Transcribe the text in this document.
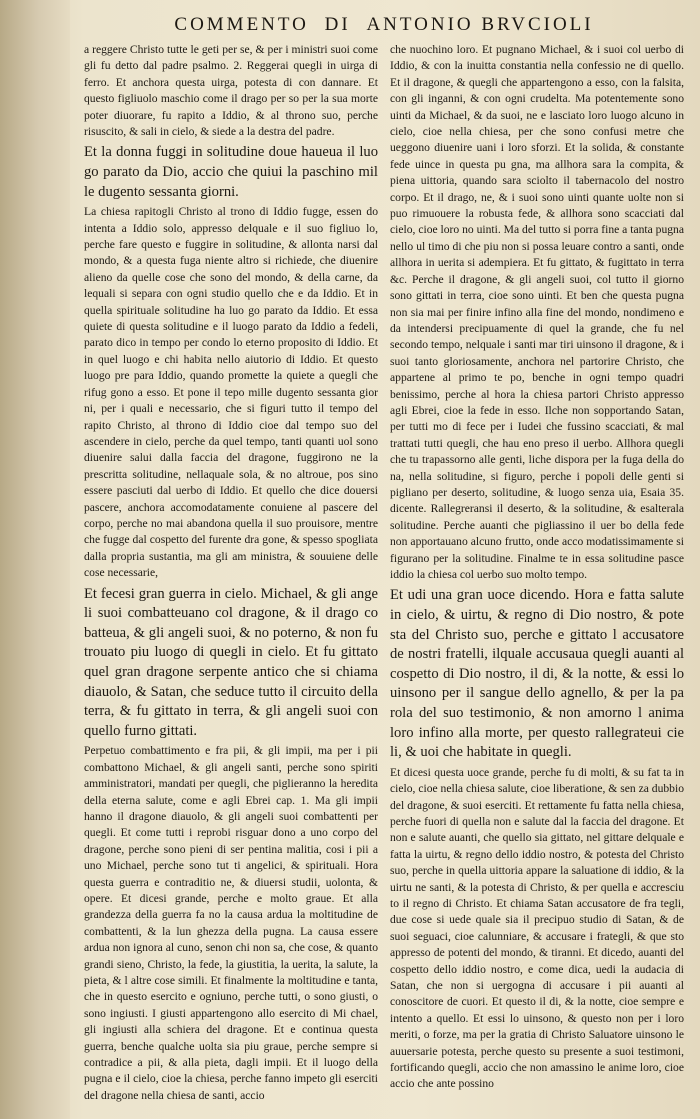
COMMENTO DI ANTONIO BRVCIOLI

a reggere Christo tutte le geti per se, & per i ministri suoi come gli fu detto dal padre psalmo. 2. Reggerai quegli in uirga di ferro. Et anchora questa uirga, potesta di con dannare. Et questo figliuolo maschio come il drago per so per la sua morte poter diuorare, fu rapito a Iddio, & al throno suo, perche risuscito, & sali in cielo, & siede a la destra del padre.

Et la donna fuggi in solitudine doue haueua il luo go parato da Dio, accio che quiui la paschino mil le dugento sessanta giorni.

La chiesa rapitogli Christo al trono di Iddio fugge, essen do intenta a Iddio solo, appresso delquale e il suo figliuo lo, perche fare questo e fuggire in solitudine, & allonta narsi dal mondo, & a questa fuga niente altro si richiede, che diuenire alieno da quelle cose che sono del mondo, & della carne, da lequali si separa con ogni studio quello che e da Iddio. Et in quella spirituale solitudine ha luo go parato da Iddio. Et essa quiete di questa solitudine e il luogo parato da Iddio a fedeli, parato dico in tempo per condo lo eterno proposito di Iddio. Et in quel luogo e chi habita nello aiutorio di Iddio. Et questo luogo pre para Iddio, quando promette la quiete a quegli che rifug gono a esso. Et pone il tepo mille dugento sessanta gior ni, per i quali e necessario, che si figuri tutto il tempo del rapito Christo, al throno di Iddio cioe dal tempo suo del ascendere in cielo, perche da quel tempo, tanti quanti uol sono diuenire salui dalla faccia del dragone, fuggirono ne la prescritta solitudine, nellaquale sola, & no altroue, pos sino essere pasciuti dal uerbo di Iddio. Et quello che dice douersi pascere, anchora accomodatamente conuiene al pascere del corpo, perche no mai abandona quella il suo prouisore, mentre che fugge dal cospetto del furente dra gone, & spesso spogliata dalla propria sustantia, ma gli am ministra, & souuiene delle cose necessarie,

Et fecesi gran guerra in cielo. Michael, & gli ange li suoi combatteuano col dragone, & il drago co batteua, & gli angeli suoi, & no poterno, & non fu trouato piu luogo di quegli in cielo. Et fu gittato quel gran dragone serpente antico che si chiama diauolo, & Satan, che seduce tutto il circuito della terra, & fu gittato in terra, & gli angeli suoi con quello furno gittati.

Perpetuo combattimento e fra pii, & gli impii, ma per i pii combattono Michael, & gli angeli santi, perche sono spiriti amministratori, mandati per quegli, che piglieranno la heredita della eterna salute, come e agli Ebrei cap. 1. Ma gli impii hanno il dragone diauolo, & gli angeli suoi combattenti per quegli. Et come tutti i reprobi risguar dono a uno corpo del dragone, perche sono pieni di ser pentina malitia, cosi i pii a uno Michael, perche sono tut ti angelici, & spirituali. Hora questa guerra e contraditio ne, & diuersi studii, uolonta, & opere. Et dicesi grande, perche e molto graue. Et alla grandezza della guerra fa no la causa ardua la moltitudine de combattenti, & la lun ghezza della pugna. La causa essere ardua non ignora al cuno, senon chi non sa, che cose, & quanto grandi sieno, Christo, la fede, la giustitia, la uerita, la salute, la pieta, & l altre cose simili. Et finalmente la moltitudine e tanta, che in questo esercito e ogniuno, perche tutti, o sono giusti, o sono ingiusti. I giusti appartengono allo esercito di Mi chael, gli ingiusti alla schiera del dragone. Et e continua questa guerra, benche qualche uolta sia piu graue, perche sempre si contradice a pii, & alla pieta, dagli impii. Et il luogo della pugna e il cielo, cioe la chiesa, perche fanno impeto gli eserciti del dragone nella chiesa de santi, accio

che nuochino loro. Et pugnano Michael, & i suoi col uerbo di Iddio, & con la inuitta constantia nella confessio ne di quello. Et il dragone, & quegli che appartengono a esso, con la falsita, con gli inganni, & con ogni crudelta. Ma potentemente sono uinti da Michael, & da suoi, ne e lasciato loro luogo alcuno in cielo, cioe nella chiesa, per che sono confusi metre che ueggono diuenire uani i loro sforzi. Et la solida, & constante fede uince in questa pu gna, ma allhora sara la compita, & piena uittoria, quando sara sciolto il tabernacolo del nostro corpo. Et il drago, ne, & i suoi sono uinti quante uolte non si puo rimuouere la robusta fede, & allhora sono scacciati dal cielo, cioe loro no uinti. Ma del tutto si porra fine a tanta pugna nello ul timo di che piu non si possa leuare contro a santi, onde allhora in uerita si adempiera. Et fu gittato, & fugittato in terra &c. Perche il dragone, & gli angeli suoi, col tutto il giorno sono gittati in terra, cioe sono uinti. Et ben che questa pugna non sia mai per finire infino alla fine del mondo, nondimeno e da intendersi precipuamente di quel la grande, che fu nel secondo tempo, nelquale i santi mar tiri uinsono il dragone, & i suoi tanto gloriosamente, anchora nel partorire Christo, che appartene al primo te po, benche in ogni tempo quadri benissimo, perche al hora la chiesa partori Christo appresso agli Ebrei, cioe la fede in esso. Ilche non sopportando Satan, per tutti mo di fece per i Iudei che fussino scacciati, & mal trattati tutti quegli, che hau eno preso il uerbo. Allhora quegli che tu trapassorno alle genti, liche dispora per la fuga della do na, nella solitudine, si figuro, perche i popoli delle genti si pigliano per deserto, solitudine, & luogo senza uia, Esaia 35. dicente. Rallegreransi il deserto, & la solitudine, & esalterala solitudine. Perche auanti che pigliassino il uer bo della fede non apportauano alcuno frutto, onde acco modatissimamente si figurano per la solitudine. Finalme te in essa solitudine pasce iddio la chiesa col uerbo suo molto tempo.

Et udi una gran uoce dicendo. Hora e fatta salute in cielo, & uirtu, & regno di Dio nostro, & pote sta del Christo suo, perche e gittato l accusatore de nostri fratelli, ilquale accusaua quegli auanti al cospetto di Dio nostro, il di, & la notte, & essi lo uinsono per il sangue dello agnello, & per la pa rola del suo testimonio, & non amorno l anima loro infino alla morte, per questo rallegrateui cie li, & uoi che habitate in quegli.

Et dicesi questa uoce grande, perche fu di molti, & su fat ta in cielo, cioe nella chiesa salute, cioe liberatione, & sen za dubbio del dragone, & suoi eserciti. Et rettamente fu fatta nella chiesa, perche fuori di quella non e salute dal la faccia del dragone. Et non e salute auanti, che quello sia gittato, nel gittare delquale e fatta la uirtu, & regno dello iddio nostro, & potesta del Christo suo, perche in quella uittoria appare la saluatione di iddio, & la uirtu ne santi, & la potesta di Christo, & per quella e accresciu to il regno di Christo. Et chiama Satan accusatore de fra tegli, due cose si uede quale sia il precipuo studio di Satan, & de suoi seguaci, cioe calunniare, & accusare i frategli, & que sto appresso de potenti del mondo, & tiranni. Et dicedo, auanti del cospetto dello iddio nostro, e come dica, uedi la audacia di Satan, che non si uergogna di accusare i pii auanti al conoscitore de cuori. Et questo il di, & la notte, cioe sempre e intento a quello. Et essi lo uinsono, & questo non per i loro meriti, o forze, ma per la gratia di Christo Saluatore uinsono le auuersarie potesta, perche questo su presente a suoi testimoni, fortificando quegli, accio che non amassino le anime loro, cioe accio che ante possino
